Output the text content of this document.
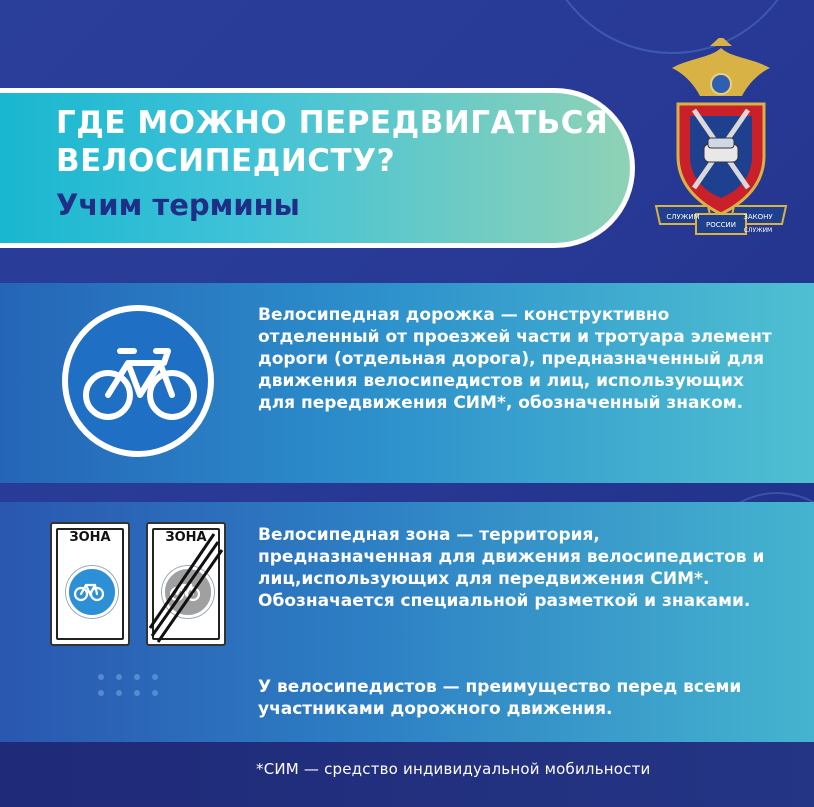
ГДЕ МОЖНО ПЕРЕДВИГАТЬСЯ
ВЕЛОСИПЕДИСТУ?
Учим термины	СЛУЖИМ
РОССИИ
ЗАКОНУ
СЛУЖИМ
Велосипедная дорожка — конструктивно отделенный от проезжей части и тротуара элемент дороги (отдельная дорога), предназначенный для движения велосипедистов и лиц, использующих для передвижения СИМ*, обозначенный знаком.
ЗОНА	ЗОНА	Велосипедная зона — территория, предназначенная для движения велосипедистов и лиц,использующих для передвижения СИМ*. Обозначается специальной разметкой и знаками.
У велосипедистов — преимущество перед всеми участниками дорожного движения.
*СИМ — средство индивидуальной мобильности
